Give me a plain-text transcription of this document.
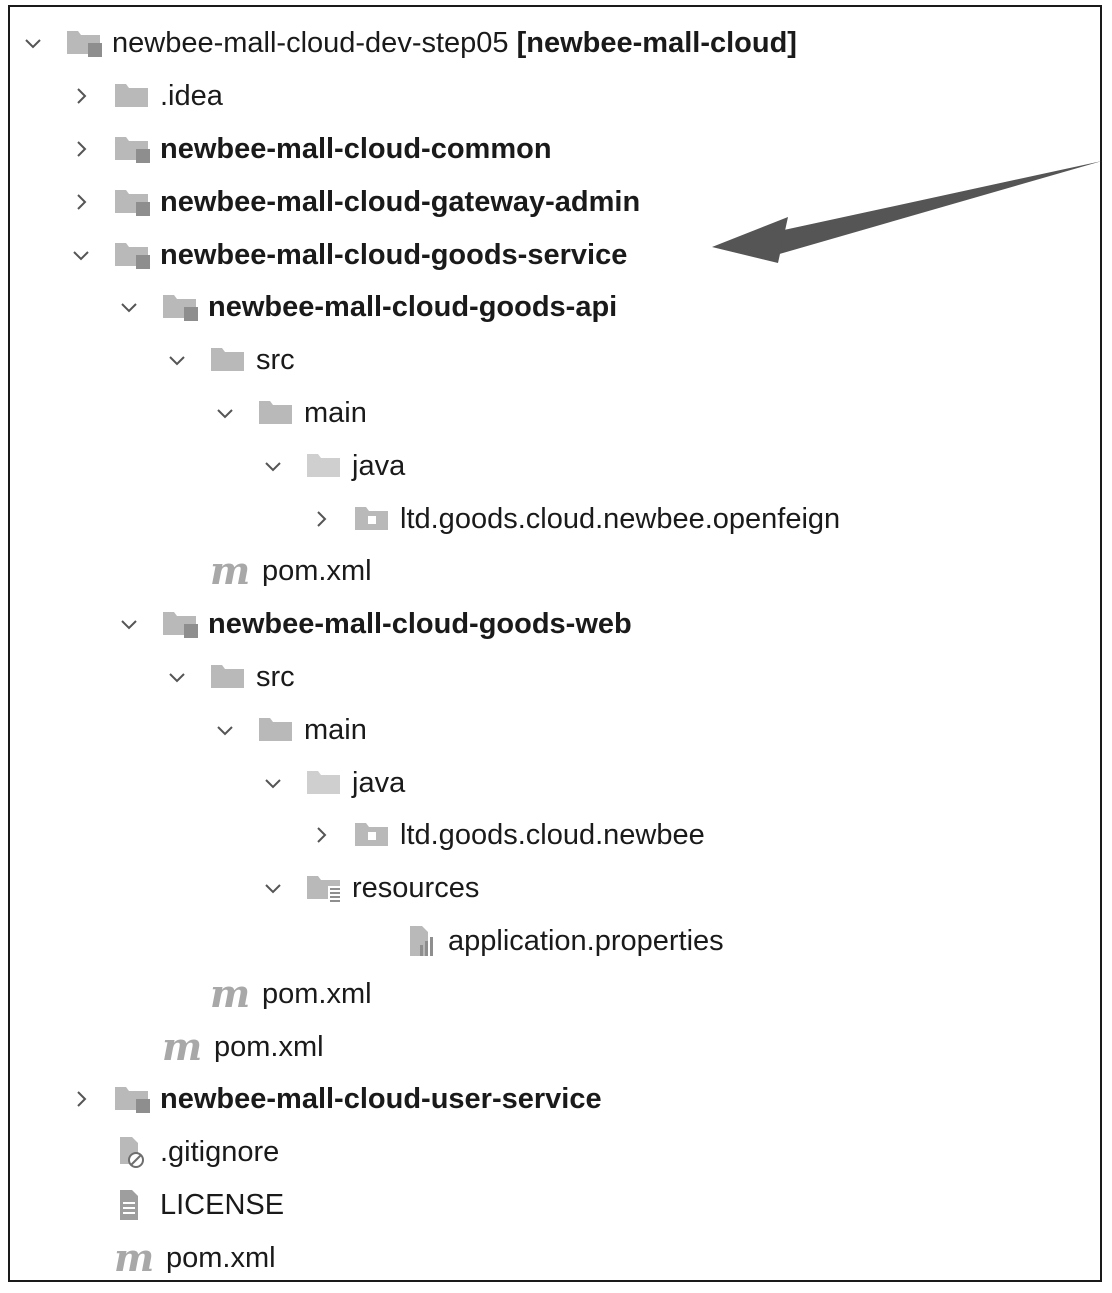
newbee-mall-cloud-dev-step05 [newbee-mall-cloud]
.idea
newbee-mall-cloud-common
newbee-mall-cloud-gateway-admin
newbee-mall-cloud-goods-service
newbee-mall-cloud-goods-api
src
main
java
ltd.goods.cloud.newbee.openfeign
m pom.xml
newbee-mall-cloud-goods-web
src
main
java
ltd.goods.cloud.newbee
resources
application.properties
m pom.xml
m pom.xml
newbee-mall-cloud-user-service
.gitignore
LICENSE
m pom.xml
